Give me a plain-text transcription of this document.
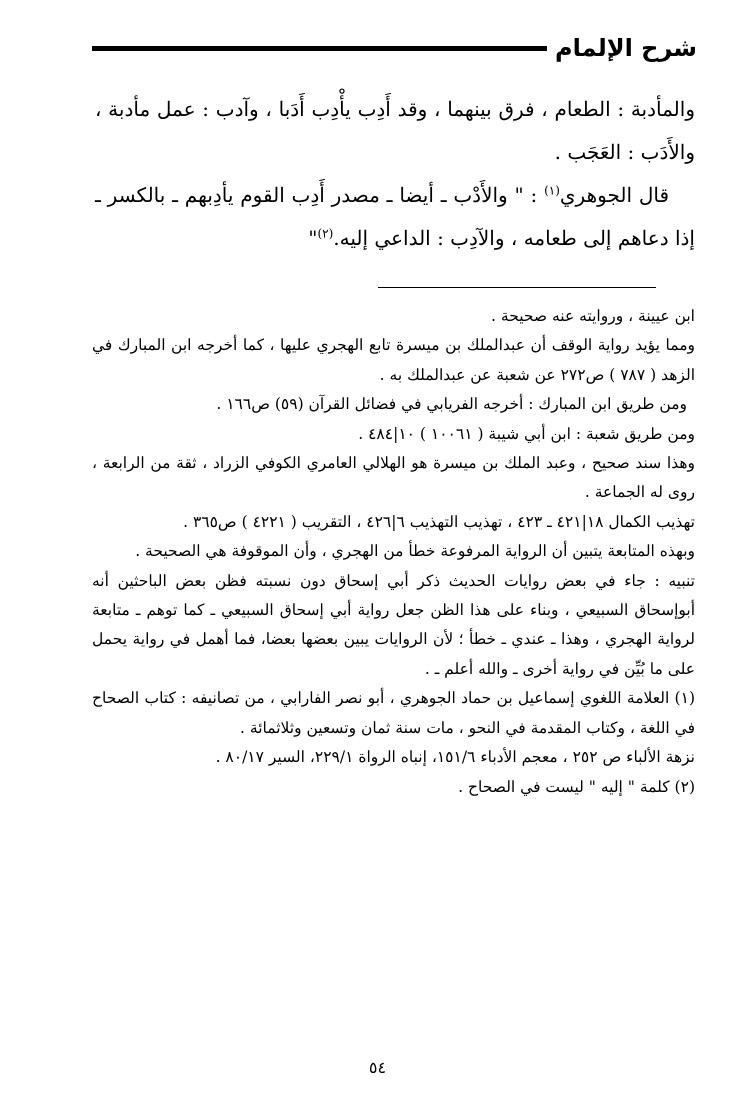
شرح الإلمام

والمأدبة : الطعام ، فرق بينهما ، وقد أَدِب يأْدِب أَدَبا ، وآدب : عمل مأدبة ، والأَدَب : العَجَب .

قال الجوهري$^{(١)}$ : " والأَدْب ـ أيضا ـ مصدر أَدِب القوم يأدِبهم ـ بالكسر ـ إذا دعاهم إلى طعامه ، والآدِب : الداعي إليه.$^{(٢)}$"

ابن عيينة ، وروايته عنه صحيحة .

ومما يؤيد رواية الوقف أن عبدالملك بن ميسرة تابع الهجري عليها ، كما أخرجه ابن المبارك في الزهد ( ٧٨٧ ) ص٢٧٢ عن شعبة عن عبدالملك به .

ومن طريق ابن المبارك : أخرجه الفريابي في فضائل القرآن (٥٩) ص١٦٦ .

ومن طريق شعبة : ابن أبي شيبة ( ١٠٠٦١ ) ١٠|٤٨٤ .

وهذا سند صحيح ، وعبد الملك بن ميسرة هو الهلالي العامري الكوفي الزراد ، ثقة من الرابعة ، روى له الجماعة .

تهذيب الكمال ١٨|٤٢١ ـ ٤٢٣ ، تهذيب التهذيب ٦|٤٢٦ ، التقريب ( ٤٢٢١ ) ص٣٦٥ .

وبهذه المتابعة يتبين أن الرواية المرفوعة خطأ من الهجري ، وأن الموقوفة هي الصحيحة .

تنبيه : جاء في بعض روايات الحديث ذكر أبي إسحاق دون نسبته فظن بعض الباحثين أنه أبوإسحاق السبيعي ، وبناء على هذا الظن جعل رواية أبي إسحاق السبيعي ـ كما توهم ـ متابعة لرواية الهجري ، وهذا ـ عندي ـ خطأ ؛ لأن الروايات يبين بعضها بعضا، فما أهمل في رواية يحمل على ما بُيِّن في رواية أخرى ـ والله أعلم ـ .

(١) العلامة اللغوي إسماعيل بن حماد الجوهري ، أبو نصر الفارابي ، من تصانيفه : كتاب الصحاح في اللغة ، وكتاب المقدمة في النحو ، مات سنة ثمان وتسعين وثلاثمائة .

نزهة الألباء ص ٢٥٢ ، معجم الأدباء ١٥١/٦، إنباه الرواة ٢٢٩/١، السير ٨٠/١٧ .

(٢) كلمة " إليه " ليست في الصحاح .

٥٤
